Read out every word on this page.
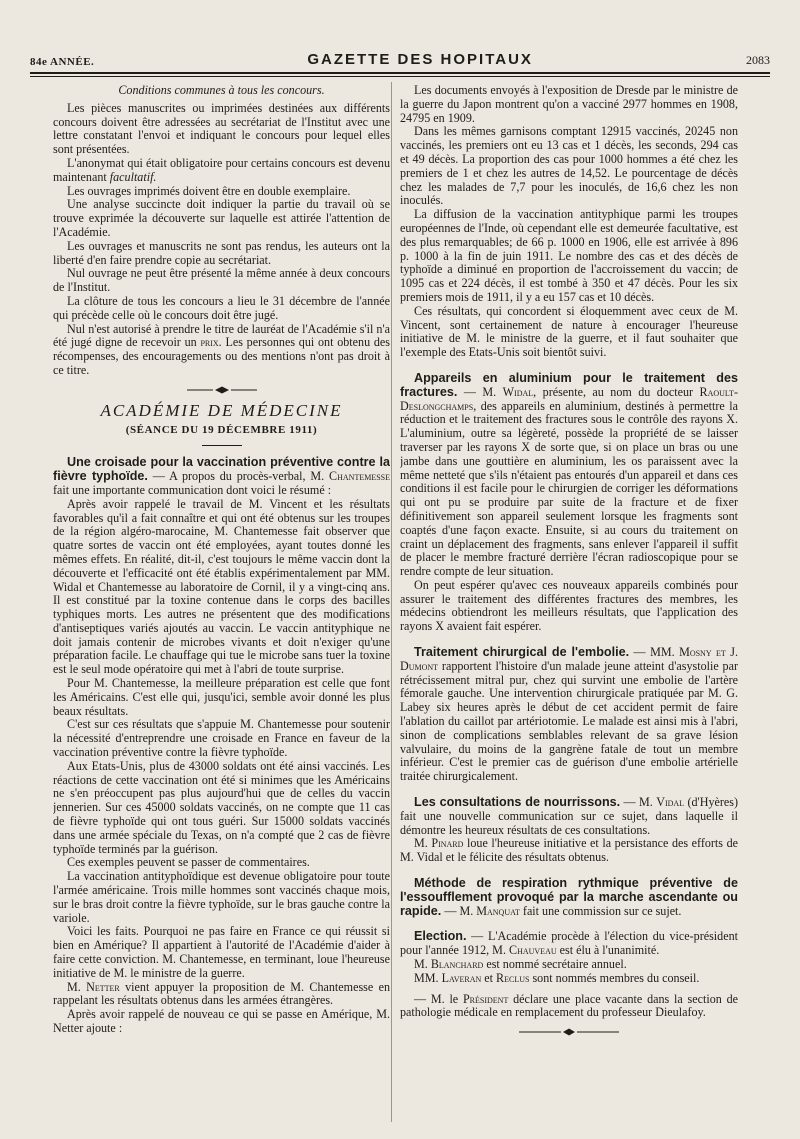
84e ANNÉE.	GAZETTE DES HOPITAUX	2083

Conditions communes à tous les concours.

Les pièces manuscrites ou imprimées destinées aux différents concours doivent être adressées au secrétariat de l'Institut avec une lettre constatant l'envoi et indiquant le concours pour lequel elles sont présentées.

L'anonymat qui était obligatoire pour certains concours est devenu maintenant facultatif.

Les ouvrages imprimés doivent être en double exemplaire.

Une analyse succincte doit indiquer la partie du travail où se trouve exprimée la découverte sur laquelle est attirée l'attention de l'Académie.

Les ouvrages et manuscrits ne sont pas rendus, les auteurs ont la liberté d'en faire prendre copie au secrétariat.

Nul ouvrage ne peut être présenté la même année à deux concours de l'Institut.

La clôture de tous les concours a lieu le 31 décembre de l'année qui précède celle où le concours doit être jugé.

Nul n'est autorisé à prendre le titre de lauréat de l'Académie s'il n'a été jugé digne de recevoir un prix. Les personnes qui ont obtenu des récompenses, des encouragements ou des mentions n'ont pas droit à ce titre.

ACADÉMIE DE MÉDECINE

(SÉANCE DU 19 DÉCEMBRE 1911)

Une croisade pour la vaccination préventive contre la fièvre typhoïde. — A propos du procès-verbal, M. Chantemesse fait une importante communication dont voici le résumé :

Après avoir rappelé le travail de M. Vincent et les résultats favorables qu'il a fait connaître et qui ont été obtenus sur les troupes de la région algéro-marocaine, M. Chantemesse fait observer que quatre sortes de vaccin ont été employées, ayant toutes donné les mêmes effets. En réalité, dit-il, c'est toujours le même vaccin dont la découverte et l'efficacité ont été établis expérimentalement par MM. Widal et Chantemesse au laboratoire de Cornil, il y a vingt-cinq ans. Il est constitué par la toxine contenue dans le corps des bacilles typhiques morts. Les autres ne présentent que des modifications d'antiseptiques variés ajoutés au vaccin. Le vaccin antityphique ne doit jamais contenir de microbes vivants et doit n'exiger qu'une préparation facile. Le chauffage qui tue le microbe sans tuer la toxine est le seul mode opératoire qui met à l'abri de toute surprise.

Pour M. Chantemesse, la meilleure préparation est celle que font les Américains. C'est elle qui, jusqu'ici, semble avoir donné les plus beaux résultats.

C'est sur ces résultats que s'appuie M. Chantemesse pour soutenir la nécessité d'entreprendre une croisade en France en faveur de la vaccination préventive contre la fièvre typhoïde.

Aux Etats-Unis, plus de 43000 soldats ont été ainsi vaccinés. Les réactions de cette vaccination ont été si minimes que les Américains ne s'en préoccupent pas plus aujourd'hui que de celles du vaccin jennerien. Sur ces 45000 soldats vaccinés, on ne compte que 11 cas de fièvre typhoïde qui ont tous guéri. Sur 15000 soldats vaccinés dans une armée spéciale du Texas, on n'a compté que 2 cas de fièvre typhoïde terminés par la guérison.

Ces exemples peuvent se passer de commentaires.

La vaccination antityphoïdique est devenue obligatoire pour toute l'armée américaine. Trois mille hommes sont vaccinés chaque mois, sur le bras droit contre la fièvre typhoïde, sur le bras gauche contre la variole.

Voici les faits. Pourquoi ne pas faire en France ce qui réussit si bien en Amérique? Il appartient à l'autorité de l'Académie d'aider à faire cette conviction. M. Chantemesse, en terminant, loue l'heureuse initiative de M. le ministre de la guerre.

M. Netter vient appuyer la proposition de M. Chantemesse en rappelant les résultats obtenus dans les armées étrangères.

Après avoir rappelé de nouveau ce qui se passe en Amérique, M. Netter ajoute :

Les documents envoyés à l'exposition de Dresde par le ministre de la guerre du Japon montrent qu'on a vacciné 2977 hommes en 1908, 24795 en 1909.

Dans les mêmes garnisons comptant 12915 vaccinés, 20245 non vaccinés, les premiers ont eu 13 cas et 1 décès, les seconds, 294 cas et 49 décès. La proportion des cas pour 1000 hommes a été chez les premiers de 1 et chez les autres de 14,52. Le pourcentage de décès chez les malades de 7,7 pour les inoculés, de 16,6 chez les non inoculés.

La diffusion de la vaccination antityphique parmi les troupes européennes de l'Inde, où cependant elle est demeurée facultative, est des plus remarquables; de 66 p. 1000 en 1906, elle est arrivée à 896 p. 1000 à la fin de juin 1911. Le nombre des cas et des décès de typhoïde a diminué en proportion de l'accroissement du vaccin; de 1095 cas et 224 décès, il est tombé à 350 et 47 décès. Pour les six premiers mois de 1911, il y a eu 157 cas et 10 décès.

Ces résultats, qui concordent si éloquemment avec ceux de M. Vincent, sont certainement de nature à encourager l'heureuse initiative de M. le ministre de la guerre, et il faut souhaiter que l'exemple des Etats-Unis soit bientôt suivi.

Appareils en aluminium pour le traitement des fractures. — M. Widal, présente, au nom du docteur Raoult-Deslongchamps, des appareils en aluminium, destinés à permettre la réduction et le traitement des fractures sous le contrôle des rayons X. L'aluminium, outre sa légèreté, possède la propriété de se laisser traverser par les rayons X de sorte que, si on place un bras ou une jambe dans une gouttière en aluminium, les os paraissent avec la même netteté que s'ils n'étaient pas entourés d'un appareil et dans ces conditions il est facile pour le chirurgien de corriger les déformations qui ont pu se produire par suite de la fracture et de fixer définitivement son appareil seulement lorsque les fragments sont coaptés d'une façon exacte. Ensuite, si au cours du traitement on craint un déplacement des fragments, sans enlever l'appareil il suffit de placer le membre fracturé derrière l'écran radioscopique pour se rendre compte de leur situation.

On peut espérer qu'avec ces nouveaux appareils combinés pour assurer le traitement des différentes fractures des membres, les médecins obtiendront les meilleurs résultats, que l'application des rayons X avaient fait espérer.

Traitement chirurgical de l'embolie. — MM. Mosny et J. Dumont rapportent l'histoire d'un malade jeune atteint d'asystolie par rétrécissement mitral pur, chez qui survint une embolie de l'artère fémorale gauche. Une intervention chirurgicale pratiquée par M. G. Labey six heures après le début de cet accident permit de faire l'ablation du caillot par artériotomie. Le malade est ainsi mis à l'abri, sinon de complications semblables relevant de sa grave lésion valvulaire, du moins de la gangrène fatale de tout un membre inférieur. C'est le premier cas de guérison d'une embolie artérielle traitée chirurgicalement.

Les consultations de nourrissons. — M. Vidal (d'Hyères) fait une nouvelle communication sur ce sujet, dans laquelle il démontre les heureux résultats de ces consultations.

M. Pinard loue l'heureuse initiative et la persistance des efforts de M. Vidal et le félicite des résultats obtenus.

Méthode de respiration rythmique préventive de l'essoufflement provoqué par la marche ascendante ou rapide. — M. Manquat fait une commission sur ce sujet.

Election. — L'Académie procède à l'élection du vice-président pour l'année 1912, M. Chauveau est élu à l'unanimité.

M. Blanchard est nommé secrétaire annuel.

MM. Laveran et Reclus sont nommés membres du conseil.

— M. le Président déclare une place vacante dans la section de pathologie médicale en remplacement du professeur Dieulafoy.
